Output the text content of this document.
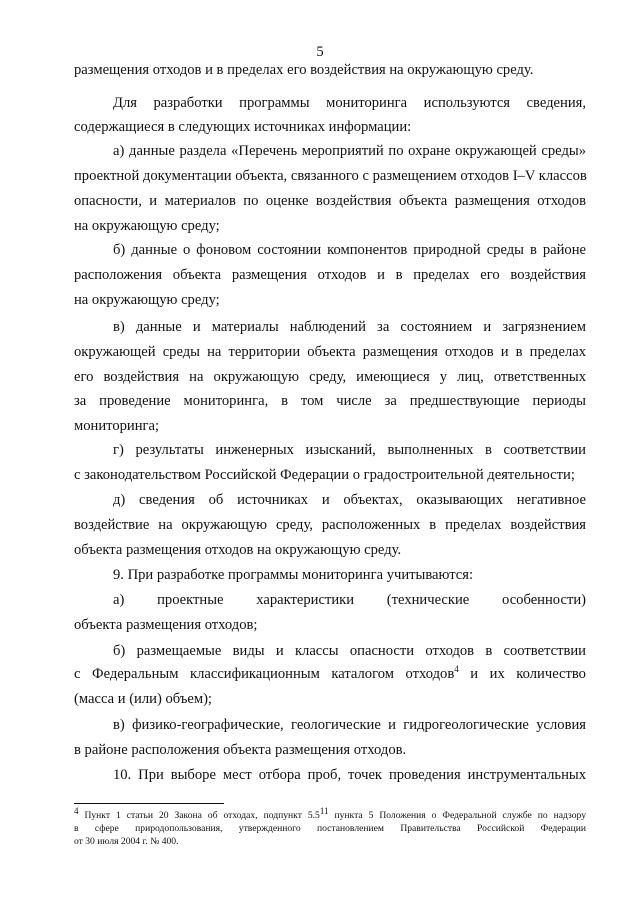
5
размещения отходов и в пределах его воздействия на окружающую среду.
Для разработки программы мониторинга используются сведения,
содержащиеся в следующих источниках информации:
а) данные раздела «Перечень мероприятий по охране окружающей среды»
проектной документации объекта, связанного с размещением отходов I–V классов
опасности, и материалов по оценке воздействия объекта размещения отходов
на окружающую среду;
б) данные о фоновом состоянии компонентов природной среды в районе
расположения объекта размещения отходов и в пределах его воздействия
на окружающую среду;
в) данные и материалы наблюдений за состоянием и загрязнением
окружающей среды на территории объекта размещения отходов и в пределах
его воздействия на окружающую среду, имеющиеся у лиц, ответственных
за проведение мониторинга, в том числе за предшествующие периоды
мониторинга;
г) результаты инженерных изысканий, выполненных в соответствии
с законодательством Российской Федерации о градостроительной деятельности;
д) сведения об источниках и объектах, оказывающих негативное
воздействие на окружающую среду, расположенных в пределах воздействия
объекта размещения отходов на окружающую среду.
9. При разработке программы мониторинга учитываются:
а) проектные характеристики (технические особенности)
объекта размещения отходов;
б) размещаемые виды и классы опасности отходов в соответствии
с Федеральным классификационным каталогом отходов$^4$ и их количество
(масса и (или) объем);
в) физико-географические, геологические и гидрогеологические условия
в районе расположения объекта размещения отходов.
10. При выборе мест отбора проб, точек проведения инструментальных
$^4$ Пункт 1 статьи 20 Закона об отходах, подпункт 5.5$^{11}$ пункта 5 Положения о Федеральной службе по надзору
в сфере природопользования, утвержденного постановлением Правительства Российской Федерации
от 30 июля 2004 г. № 400.
